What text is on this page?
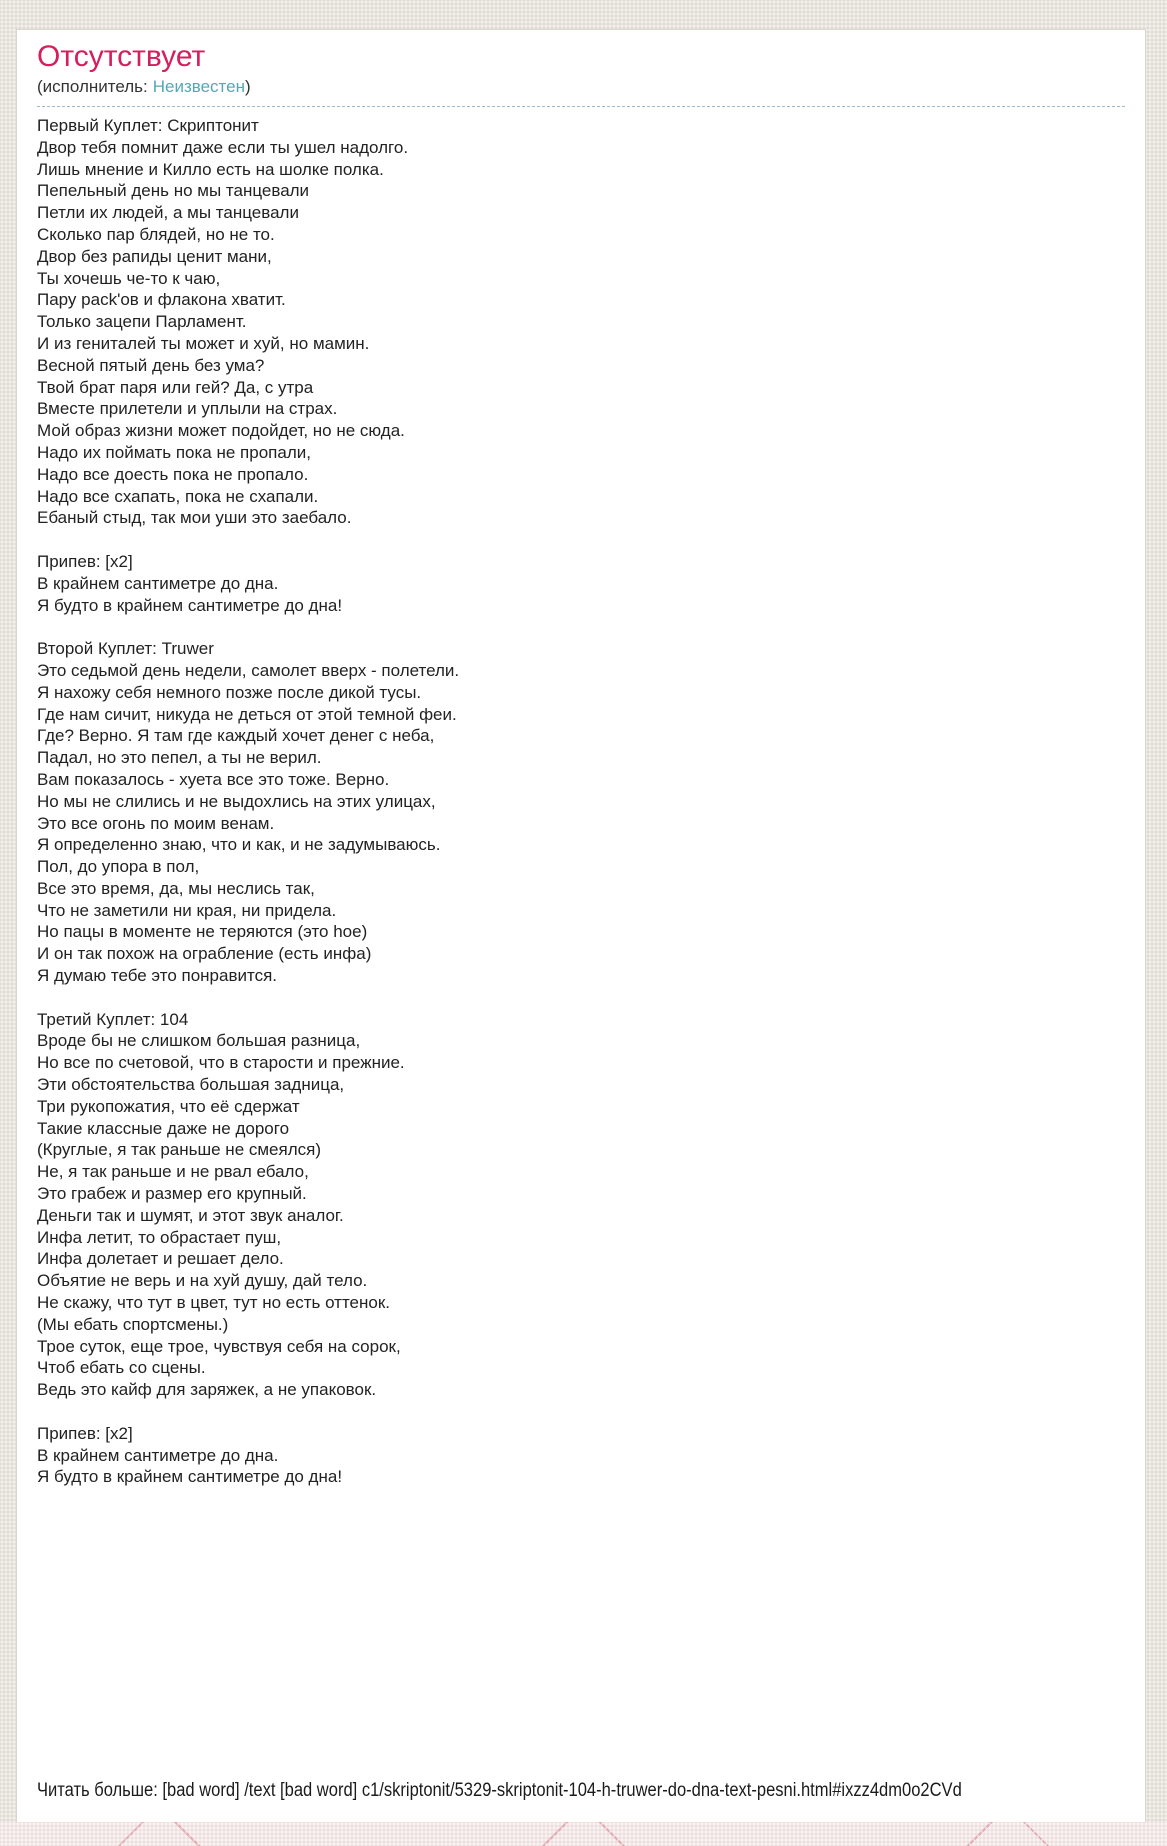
Отсутствует
(исполнитель: Неизвестен)
Первый Куплет: Скриптонит
Двор тебя помнит даже если ты ушел надолго.
Лишь мнение и Килло есть на шолке полка.
Пепельный день но мы танцевали
Петли их людей, а мы танцевали
Сколько пар блядей, но не то.
Двор без рапиды ценит мани,
Ты хочешь че-то к чаю,
Пару pack'ов и флакона хватит.
Только зацепи Парламент.
И из гениталей ты может и хуй, но мамин.
Весной пятый день без ума?
Твой брат паря или гей? Да, с утра
Вместе прилетели и уплыли на страх.
Мой образ жизни может подойдет, но не сюда.
Надо их поймать пока не пропали,
Надо все доесть пока не пропало.
Надо все схапать, пока не схапали.
Ебаный стыд, так мои уши это заебало.
Припев: [x2]
В крайнем сантиметре до дна.
Я будто в крайнем сантиметре до дна!
Второй Куплет: Truwer
Это седьмой день недели, самолет вверх - полетели.
Я нахожу себя немного позже после дикой тусы.
Где нам сичит, никуда не деться от этой темной феи.
Где? Верно. Я там где каждый хочет денег с неба,
Падал, но это пепел, а ты не верил.
Вам показалось - хуета все это тоже. Верно.
Но мы не слились и не выдохлись на этих улицах,
Это все огонь по моим венам.
Я определенно знаю, что и как, и не задумываюсь.
Пол, до упора в пол,
Все это время, да, мы неслись так,
Что не заметили ни края, ни придела.
Но пацы в моменте не теряются (это hoe)
И он так похож на ограбление (есть инфа)
Я думаю тебе это понравится.
Третий Куплет: 104
Вроде бы не слишком большая разница,
Но все по счетовой, что в старости и прежние.
Эти обстоятельства большая задница,
Три рукопожатия, что её сдержат
Такие классные даже не дорого
(Круглые, я так раньше не смеялся)
Не, я так раньше и не рвал ебало,
Это грабеж и размер его крупный.
Деньги так и шумят, и этот звук аналог.
Инфа летит, то обрастает пуш,
Инфа долетает и решает дело.
Объятие не верь и на хуй душу, дай тело.
Не скажу, что тут в цвет, тут но есть оттенок.
(Мы ебать спортсмены.)
Трое суток, еще трое, чувствуя себя на сорок,
Чтоб ебать со сцены.
Ведь это кайф для заряжек, а не упаковок.
Припев: [x2]
В крайнем сантиметре до дна.
Я будто в крайнем сантиметре до дна!
Читать больше: [bad word] /text [bad word] c1/skriptonit/5329-skriptonit-104-h-truwer-do-dna-text-pesni.html#ixzz4dm0o2CVd
